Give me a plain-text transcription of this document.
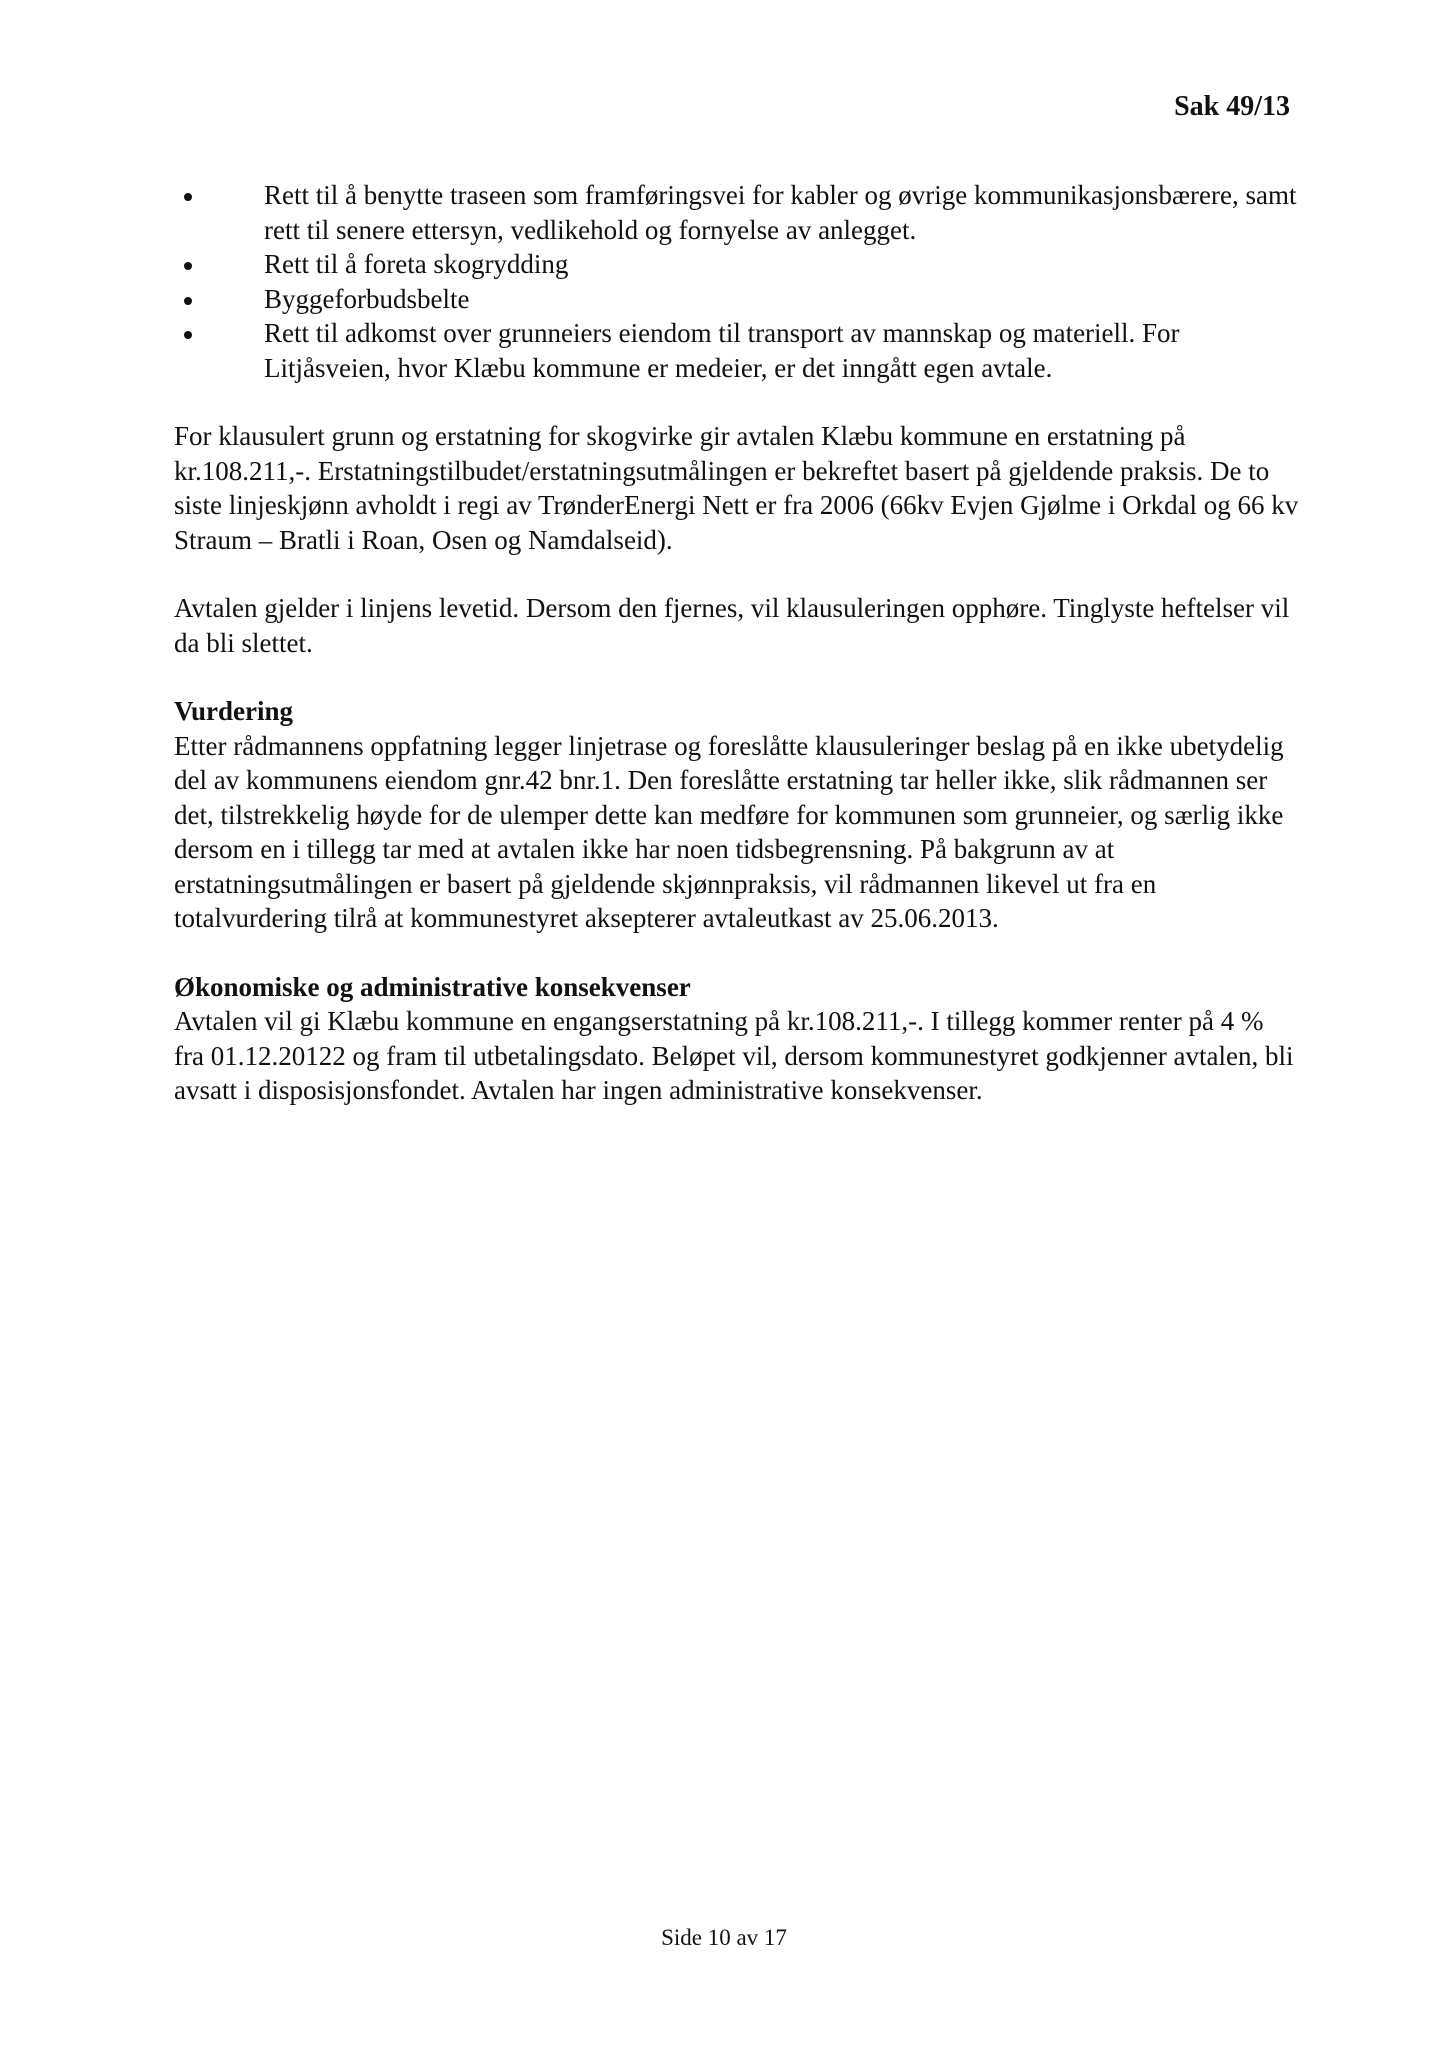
Sak 49/13
Rett til å benytte traseen som framføringsvei for kabler og øvrige kommunikasjonsbærere, samt rett til senere ettersyn, vedlikehold og fornyelse av anlegget.
Rett til å foreta skogrydding
Byggeforbudsbelte
Rett til adkomst over grunneiers eiendom til transport av mannskap og materiell. For Litjåsveien, hvor Klæbu kommune er medeier, er det inngått egen avtale.

For klausulert grunn og erstatning for skogvirke gir avtalen Klæbu kommune en erstatning på kr.108.211,-. Erstatningstilbudet/erstatningsutmålingen er bekreftet basert på gjeldende praksis. De to siste linjeskjønn avholdt i regi av TrønderEnergi Nett er fra 2006 (66kv Evjen Gjølme i Orkdal og 66 kv Straum – Bratli i Roan, Osen og Namdalseid).

Avtalen gjelder i linjens levetid. Dersom den fjernes, vil klausuleringen opphøre. Tinglyste heftelser vil da bli slettet.

Vurdering

Etter rådmannens oppfatning legger linjetrase og foreslåtte klausuleringer beslag på en ikke ubetydelig del av kommunens eiendom gnr.42 bnr.1. Den foreslåtte erstatning tar heller ikke, slik rådmannen ser det, tilstrekkelig høyde for de ulemper dette kan medføre for kommunen som grunneier, og særlig ikke dersom en i tillegg tar med at avtalen ikke har noen tidsbegrensning. På bakgrunn av at erstatningsutmålingen er basert på gjeldende skjønnpraksis, vil rådmannen likevel ut fra en totalvurdering tilrå at kommunestyret aksepterer avtaleutkast av 25.06.2013.

Økonomiske og administrative konsekvenser

Avtalen vil gi Klæbu kommune en engangserstatning på kr.108.211,-. I tillegg kommer renter på 4 % fra 01.12.20122 og fram til utbetalingsdato. Beløpet vil, dersom kommunestyret godkjenner avtalen, bli avsatt i disposisjonsfondet. Avtalen har ingen administrative konsekvenser.

Side 10 av 17
